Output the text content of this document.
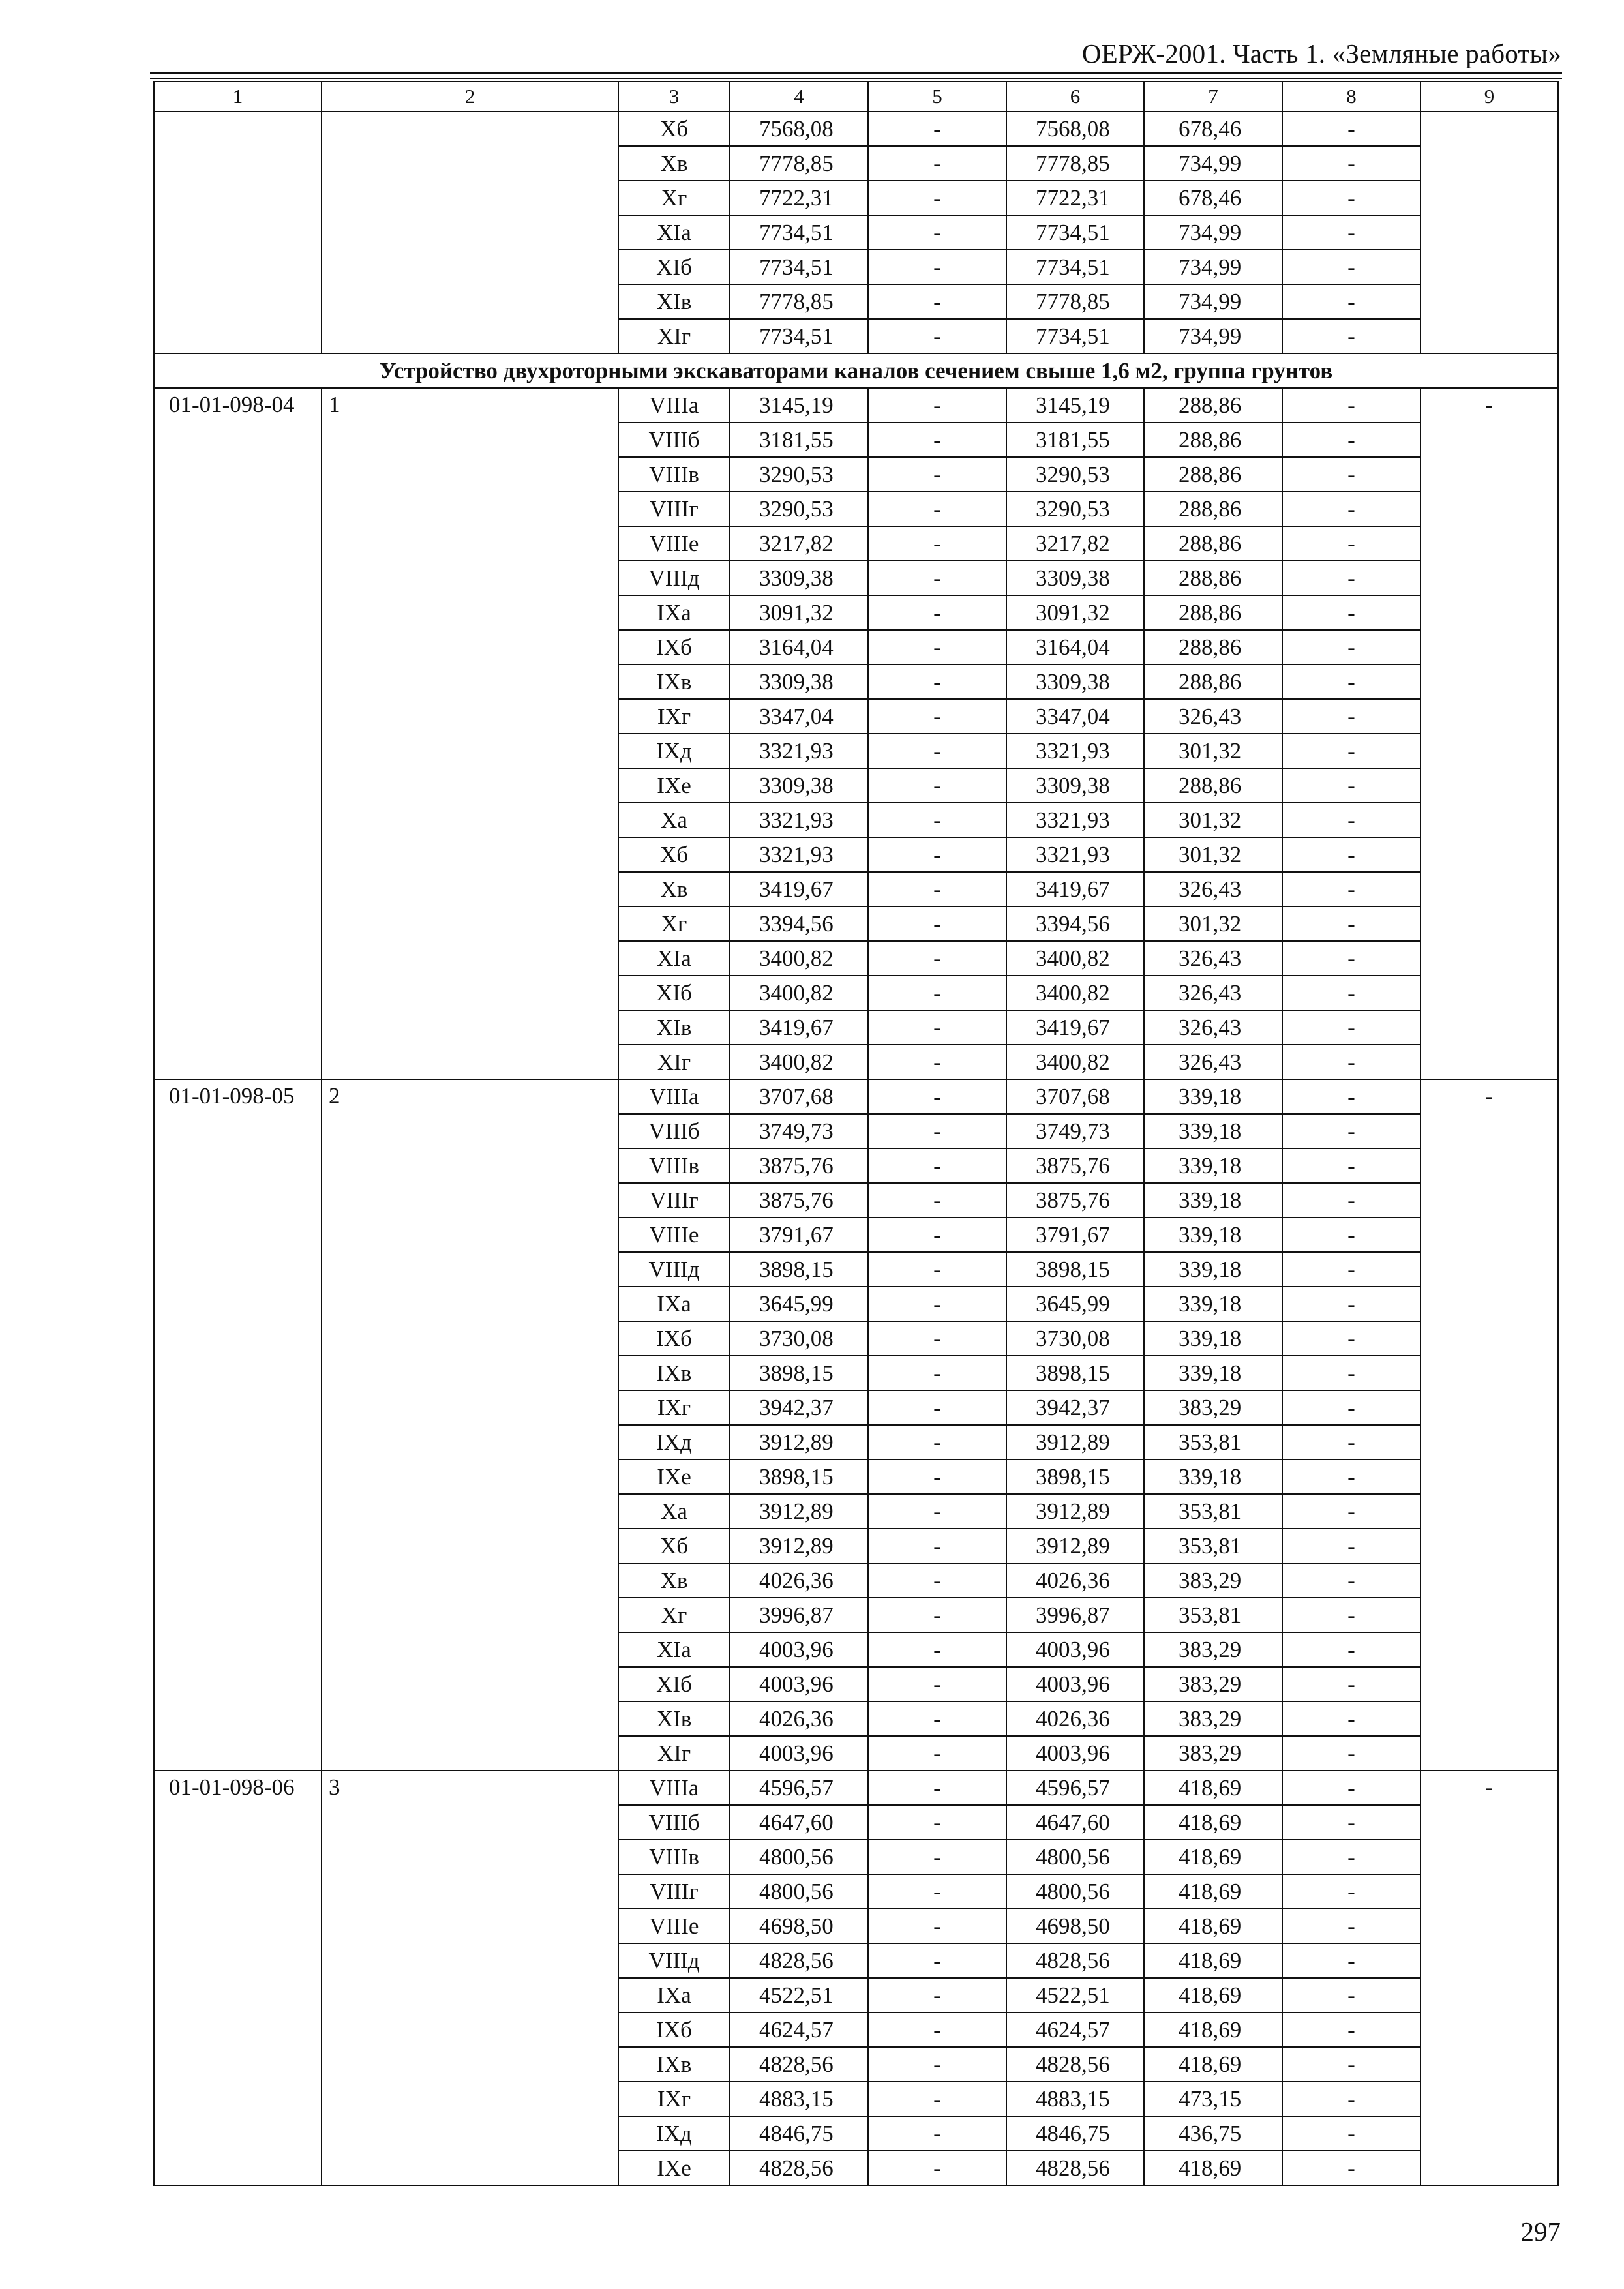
ОЕРЖ-2001. Часть 1. «Земляные работы»
1	2	3	4	5	6	7	8	9
		Xб	7568,08	-	7568,08	678,46	-	
		Xв	7778,85	-	7778,85	734,99	-	
		Xг	7722,31	-	7722,31	678,46	-	
		XIа	7734,51	-	7734,51	734,99	-	
		XIб	7734,51	-	7734,51	734,99	-	
		XIв	7778,85	-	7778,85	734,99	-	
		XIг	7734,51	-	7734,51	734,99	-	
Устройство двухроторными экскаваторами каналов сечением свыше 1,6 м2, группа грунтов								
01-01-098-04	1	VIIIа	3145,19	-	3145,19	288,86	-	-
		VIIIб	3181,55	-	3181,55	288,86	-	
		VIIIв	3290,53	-	3290,53	288,86	-	
		VIIIг	3290,53	-	3290,53	288,86	-	
		VIIIе	3217,82	-	3217,82	288,86	-	
		VIIIд	3309,38	-	3309,38	288,86	-	
		IXа	3091,32	-	3091,32	288,86	-	
		IXб	3164,04	-	3164,04	288,86	-	
		IXв	3309,38	-	3309,38	288,86	-	
		IXг	3347,04	-	3347,04	326,43	-	
		IXд	3321,93	-	3321,93	301,32	-	
		IXе	3309,38	-	3309,38	288,86	-	
		Xа	3321,93	-	3321,93	301,32	-	
		Xб	3321,93	-	3321,93	301,32	-	
		Xв	3419,67	-	3419,67	326,43	-	
		Xг	3394,56	-	3394,56	301,32	-	
		XIа	3400,82	-	3400,82	326,43	-	
		XIб	3400,82	-	3400,82	326,43	-	
		XIв	3419,67	-	3419,67	326,43	-	
		XIг	3400,82	-	3400,82	326,43	-	
01-01-098-05	2	VIIIа	3707,68	-	3707,68	339,18	-	-
		VIIIб	3749,73	-	3749,73	339,18	-	
		VIIIв	3875,76	-	3875,76	339,18	-	
		VIIIг	3875,76	-	3875,76	339,18	-	
		VIIIе	3791,67	-	3791,67	339,18	-	
		VIIIд	3898,15	-	3898,15	339,18	-	
		IXа	3645,99	-	3645,99	339,18	-	
		IXб	3730,08	-	3730,08	339,18	-	
		IXв	3898,15	-	3898,15	339,18	-	
		IXг	3942,37	-	3942,37	383,29	-	
		IXд	3912,89	-	3912,89	353,81	-	
		IXе	3898,15	-	3898,15	339,18	-	
		Xа	3912,89	-	3912,89	353,81	-	
		Xб	3912,89	-	3912,89	353,81	-	
		Xв	4026,36	-	4026,36	383,29	-	
		Xг	3996,87	-	3996,87	353,81	-	
		XIа	4003,96	-	4003,96	383,29	-	
		XIб	4003,96	-	4003,96	383,29	-	
		XIв	4026,36	-	4026,36	383,29	-	
		XIг	4003,96	-	4003,96	383,29	-	
01-01-098-06	3	VIIIа	4596,57	-	4596,57	418,69	-	-
		VIIIб	4647,60	-	4647,60	418,69	-	
		VIIIв	4800,56	-	4800,56	418,69	-	
		VIIIг	4800,56	-	4800,56	418,69	-	
		VIIIе	4698,50	-	4698,50	418,69	-	
		VIIIд	4828,56	-	4828,56	418,69	-	
		IXа	4522,51	-	4522,51	418,69	-	
		IXб	4624,57	-	4624,57	418,69	-	
		IXв	4828,56	-	4828,56	418,69	-	
		IXг	4883,15	-	4883,15	473,15	-	
		IXд	4846,75	-	4846,75	436,75	-	
		IXе	4828,56	-	4828,56	418,69	-	
297
